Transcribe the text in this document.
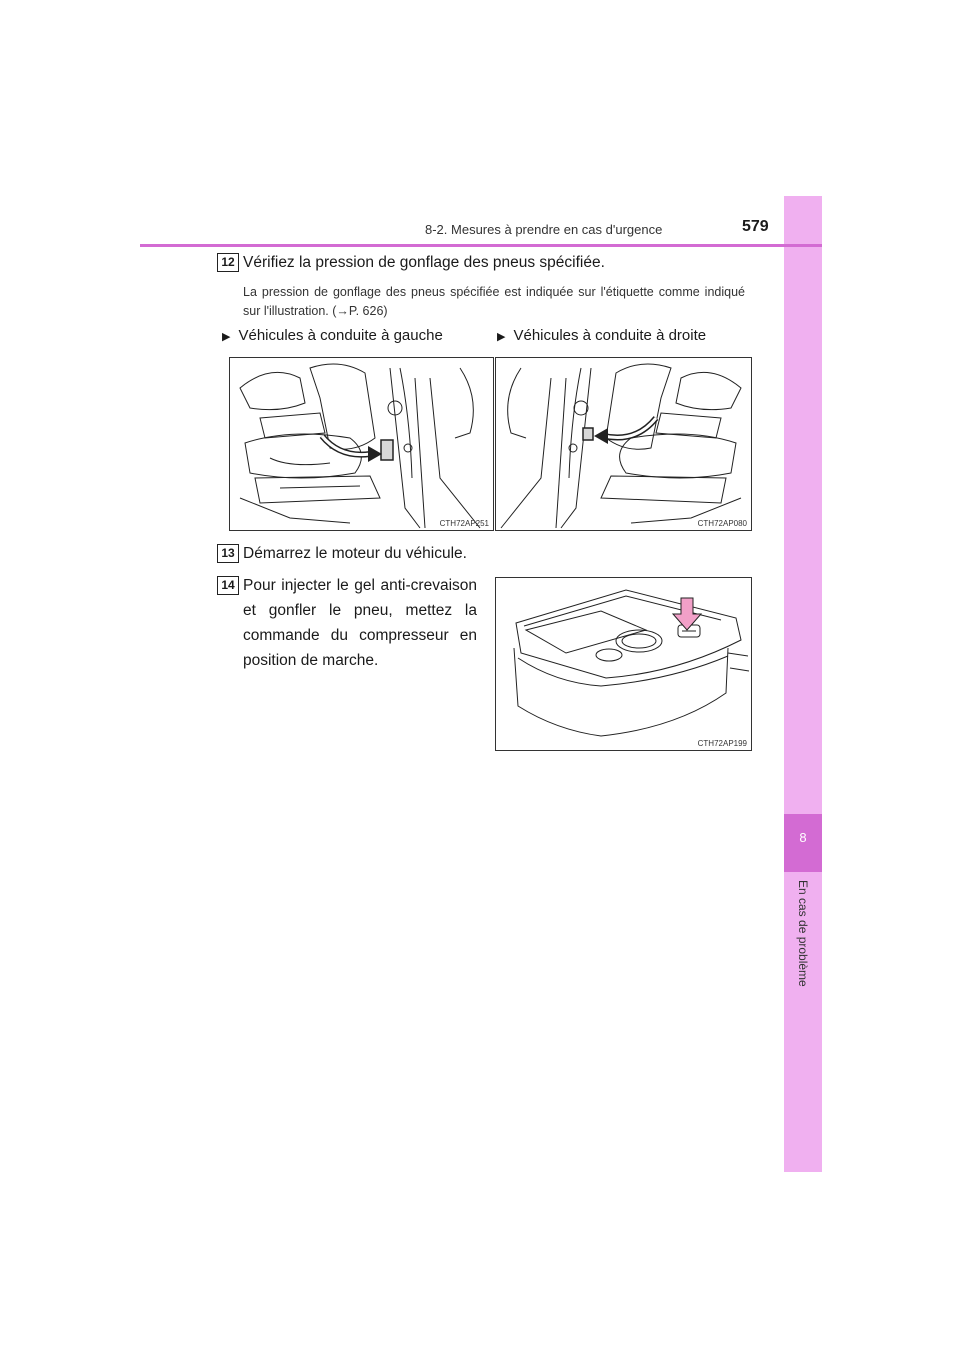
8
En cas de problème
8-2. Mesures à prendre en cas d'urgence	579
12 Vérifiez la pression de gonflage des pneus spécifiée.
La pression de gonflage des pneus spécifiée est indiquée sur l'étiquette comme indiqué sur l'illustration. (→P. 626)
▶ Véhicules à conduite à gauche	▶ Véhicules à conduite à droite
CTH72AP251	CTH72AP080
13 Démarrez le moteur du véhicule.
14 Pour injecter le gel anti-crevaison et gonfler le pneu, mettez la commande du compresseur en position de marche.
CTH72AP199
